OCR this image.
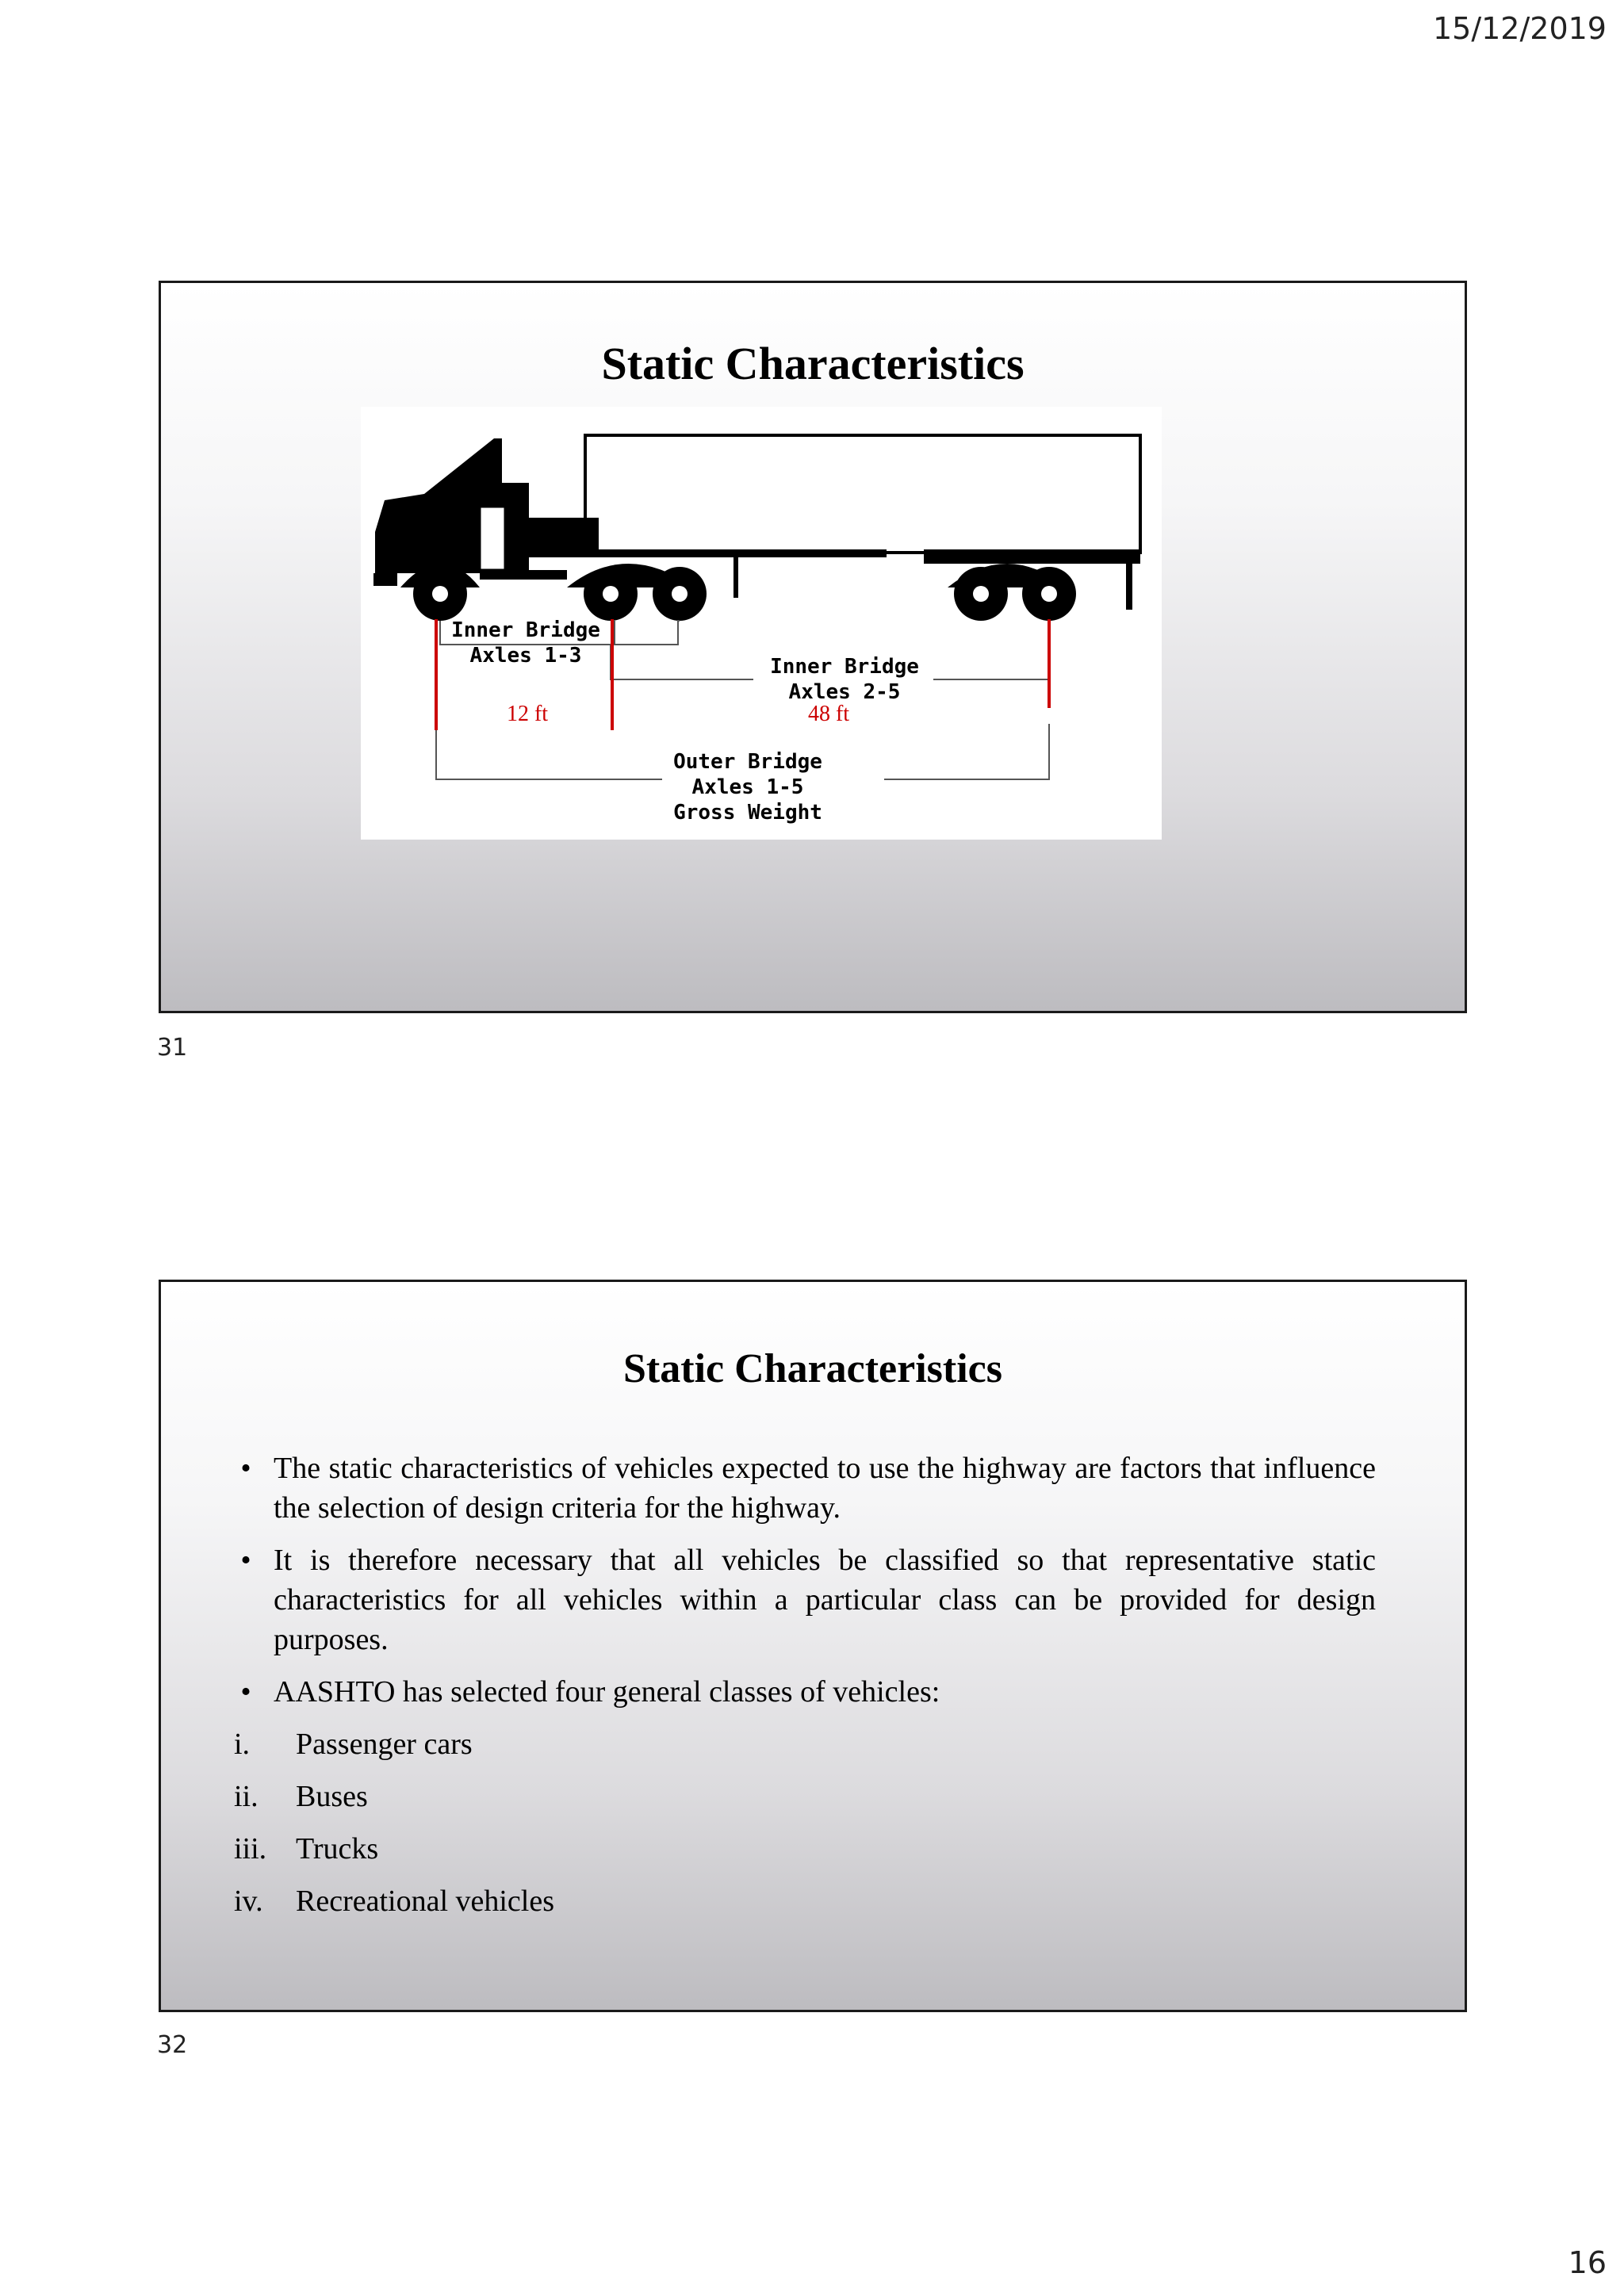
15/12/2019
Static Characteristics
Inner Bridge
Axles 1-3	Inner Bridge
Axles 2-5
12 ft	48 ft
Outer Bridge
Axles 1-5
Gross Weight
31
Static Characteristics
• The static characteristics of vehicles expected to use the highway are factors that influence the selection of design criteria for the highway.
• It is therefore necessary that all vehicles be classified so that representative static characteristics for all vehicles within a particular class can be provided for design purposes.
• AASHTO has selected four general classes of vehicles:
i. Passenger cars
ii. Buses
iii. Trucks
iv. Recreational vehicles
32
16
